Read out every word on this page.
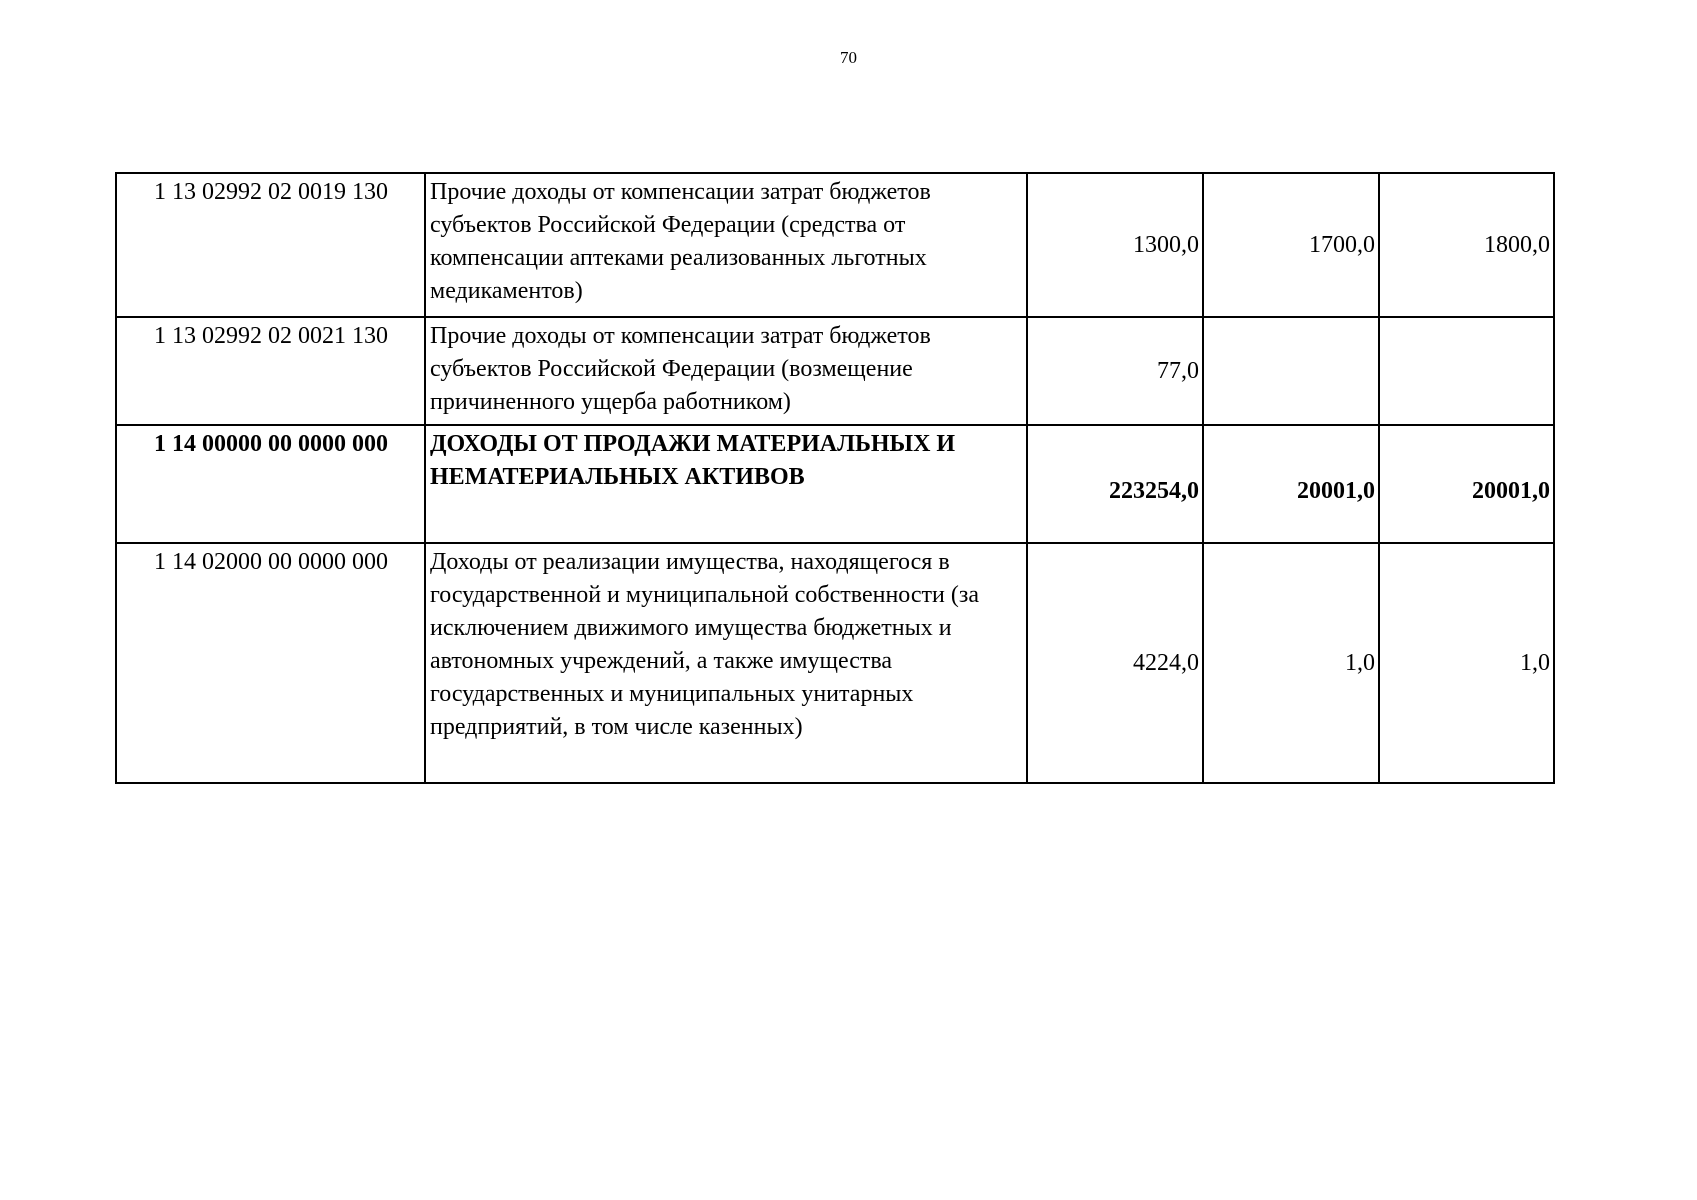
70
1 13 02992 02 0019 130	Прочие доходы от компенсации затрат бюджетов субъектов Российской Федерации (средства от компенсации аптеками реализованных льготных медикаментов)	1300,0	1700,0	1800,0
1 13 02992 02 0021 130	Прочие доходы от компенсации затрат бюджетов субъектов Российской Федерации (возмещение причиненного ущерба работником)	77,0		
1 14 00000 00 0000 000	ДОХОДЫ ОТ ПРОДАЖИ МАТЕРИАЛЬНЫХ И НЕМАТЕРИАЛЬНЫХ АКТИВОВ	223254,0	20001,0	20001,0
1 14 02000 00 0000 000	Доходы от реализации имущества, находящегося в государственной и муниципальной собственности (за исключением движимого имущества бюджетных и автономных учреждений, а также имущества государственных и муниципальных унитарных предприятий, в том числе казенных)	4224,0	1,0	1,0
